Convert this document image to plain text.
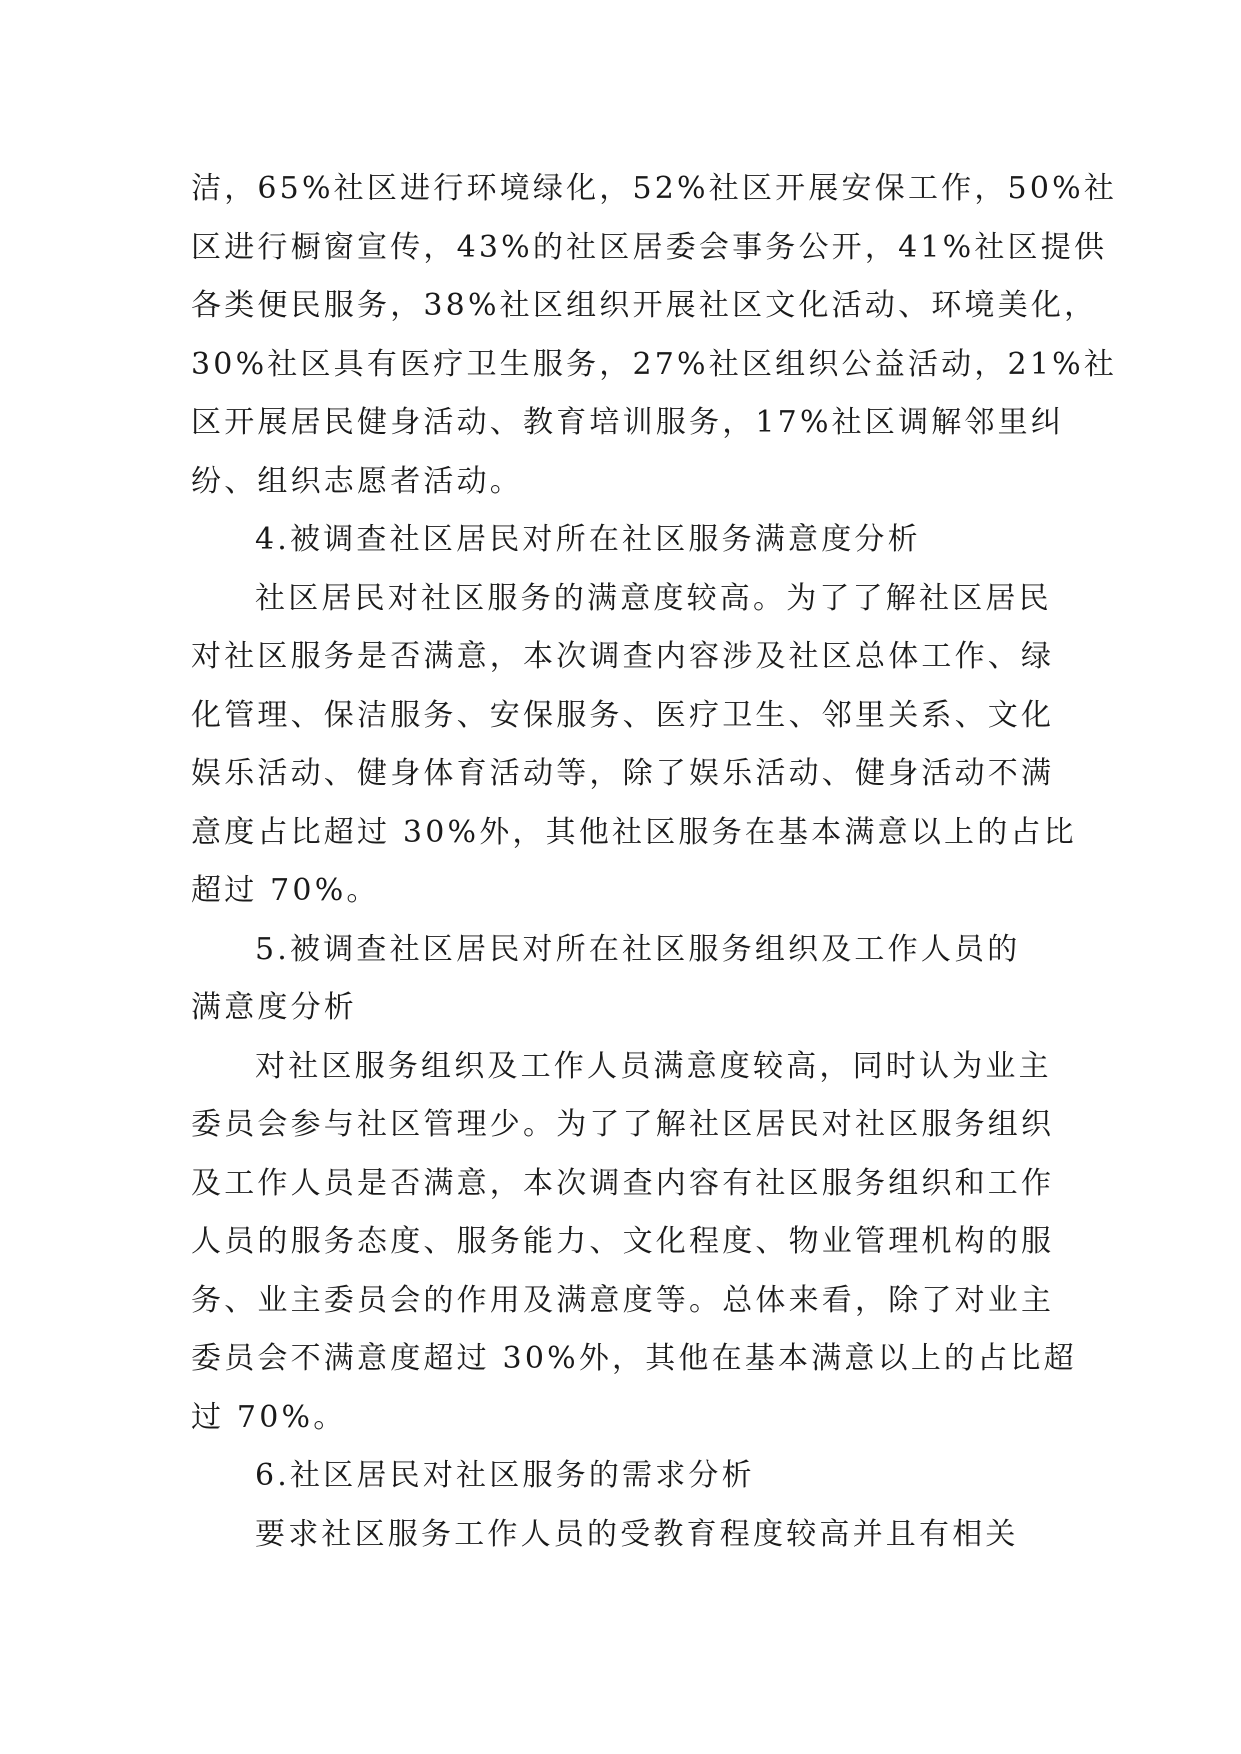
洁，65%社区进行环境绿化，52%社区开展安保工作，50%社
区进行橱窗宣传，43%的社区居委会事务公开，41%社区提供
各类便民服务，38%社区组织开展社区文化活动、环境美化，
30%社区具有医疗卫生服务，27%社区组织公益活动，21%社
区开展居民健身活动、教育培训服务，17%社区调解邻里纠
纷、组织志愿者活动。
4.被调查社区居民对所在社区服务满意度分析
社区居民对社区服务的满意度较高。为了了解社区居民
对社区服务是否满意，本次调查内容涉及社区总体工作、绿
化管理、保洁服务、安保服务、医疗卫生、邻里关系、文化
娱乐活动、健身体育活动等，除了娱乐活动、健身活动不满
意度占比超过 30%外，其他社区服务在基本满意以上的占比
超过 70%。
5.被调查社区居民对所在社区服务组织及工作人员的
满意度分析
对社区服务组织及工作人员满意度较高，同时认为业主
委员会参与社区管理少。为了了解社区居民对社区服务组织
及工作人员是否满意，本次调查内容有社区服务组织和工作
人员的服务态度、服务能力、文化程度、物业管理机构的服
务、业主委员会的作用及满意度等。总体来看，除了对业主
委员会不满意度超过 30%外，其他在基本满意以上的占比超
过 70%。
6.社区居民对社区服务的需求分析
要求社区服务工作人员的受教育程度较高并且有相关
